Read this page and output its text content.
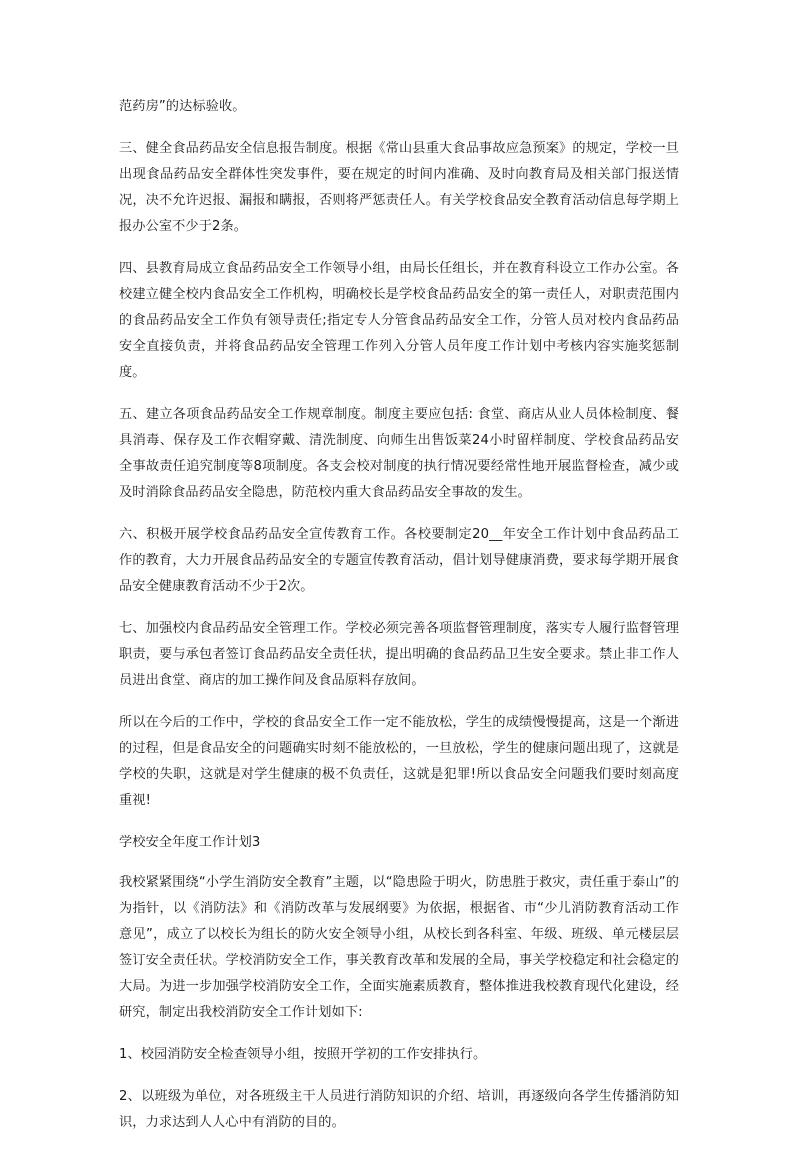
范药房”的达标验收。

三、健全食品药品安全信息报告制度。根据《常山县重大食品事故应急预案》的规定，学校一旦出现食品药品安全群体性突发事件，要在规定的时间内准确、及时向教育局及相关部门报送情况，决不允许迟报、漏报和瞒报，否则将严惩责任人。有关学校食品安全教育活动信息每学期上报办公室不少于2条。

四、县教育局成立食品药品安全工作领导小组，由局长任组长，并在教育科设立工作办公室。各校建立健全校内食品安全工作机构，明确校长是学校食品药品安全的第一责任人，对职责范围内的食品药品安全工作负有领导责任;指定专人分管食品药品安全工作，分管人员对校内食品药品安全直接负责，并将食品药品安全管理工作列入分管人员年度工作计划中考核内容实施奖惩制度。

五、建立各项食品药品安全工作规章制度。制度主要应包括: 食堂、商店从业人员体检制度、餐具消毒、保存及工作衣帽穿戴、清洗制度、向师生出售饭菜24小时留样制度、学校食品药品安全事故责任追究制度等8项制度。各支会校对制度的执行情况要经常性地开展监督检查，减少或及时消除食品药品安全隐患，防范校内重大食品药品安全事故的发生。

六、积极开展学校食品药品安全宣传教育工作。各校要制定20__年安全工作计划中食品药品工作的教育，大力开展食品药品安全的专题宣传教育活动，倡计划导健康消费，要求每学期开展食品安全健康教育活动不少于2次。

七、加强校内食品药品安全管理工作。学校必须完善各项监督管理制度，落实专人履行监督管理职责，要与承包者签订食品药品安全责任状，提出明确的食品药品卫生安全要求。禁止非工作人员进出食堂、商店的加工操作间及食品原料存放间。

所以在今后的工作中，学校的食品安全工作一定不能放松，学生的成绩慢慢提高，这是一个渐进的过程，但是食品安全的问题确实时刻不能放松的，一旦放松，学生的健康问题出现了，这就是学校的失职，这就是对学生健康的极不负责任，这就是犯罪!所以食品安全问题我们要时刻高度重视!

学校安全年度工作计划3

我校紧紧围绕“小学生消防安全教育”主题，以“隐患险于明火，防患胜于救灾，责任重于泰山”的为指针，以《消防法》和《消防改革与发展纲要》为依据，根据省、市“少儿消防教育活动工作意见”，成立了以校长为组长的防火安全领导小组，从校长到各科室、年级、班级、单元楼层层签订安全责任状。学校消防安全工作，事关教育改革和发展的全局，事关学校稳定和社会稳定的大局。为进一步加强学校消防安全工作，全面实施素质教育，整体推进我校教育现代化建设，经研究，制定出我校消防安全工作计划如下:

1、校园消防安全检查领导小组，按照开学初的工作安排执行。

2、以班级为单位，对各班级主干人员进行消防知识的介绍、培训，再逐级向各学生传播消防知识，力求达到人人心中有消防的目的。
